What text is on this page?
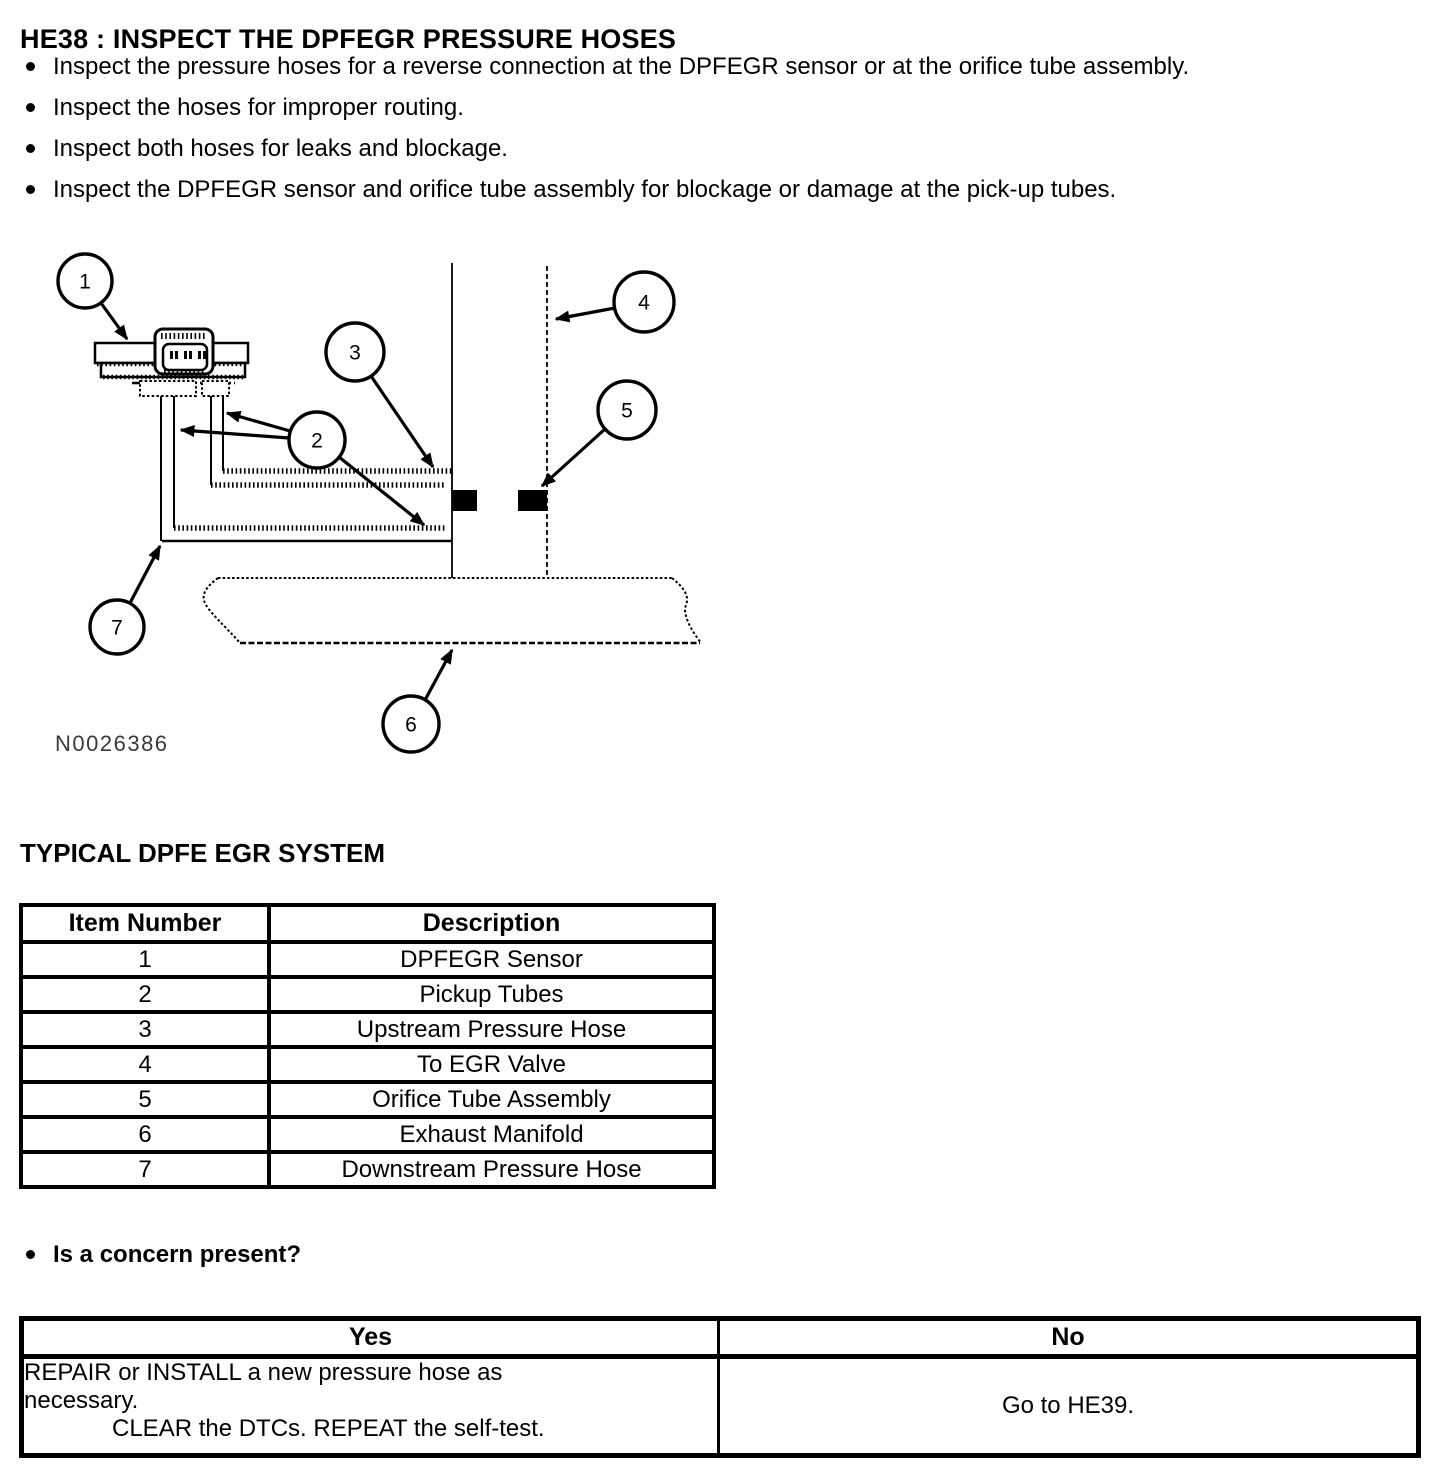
HE38 : INSPECT THE DPFEGR PRESSURE HOSES
Inspect the pressure hoses for a reverse connection at the DPFEGR sensor or at the orifice tube assembly.
Inspect the hoses for improper routing.
Inspect both hoses for leaks and blockage.
Inspect the DPFEGR sensor and orifice tube assembly for blockage or damage at the pick-up tubes.
1
2
3
4
5
6
7
N0026386
TYPICAL DPFE EGR SYSTEM
Item Number	Description
1	DPFEGR Sensor
2	Pickup Tubes
3	Upstream Pressure Hose
4	To EGR Valve
5	Orifice Tube Assembly
6	Exhaust Manifold
7	Downstream Pressure Hose
Is a concern present?
Yes	No

REPAIR or INSTALL a new pressure hose as
necessary.
CLEAR the DTCs. REPEAT the self-test.	Go to HE39.
